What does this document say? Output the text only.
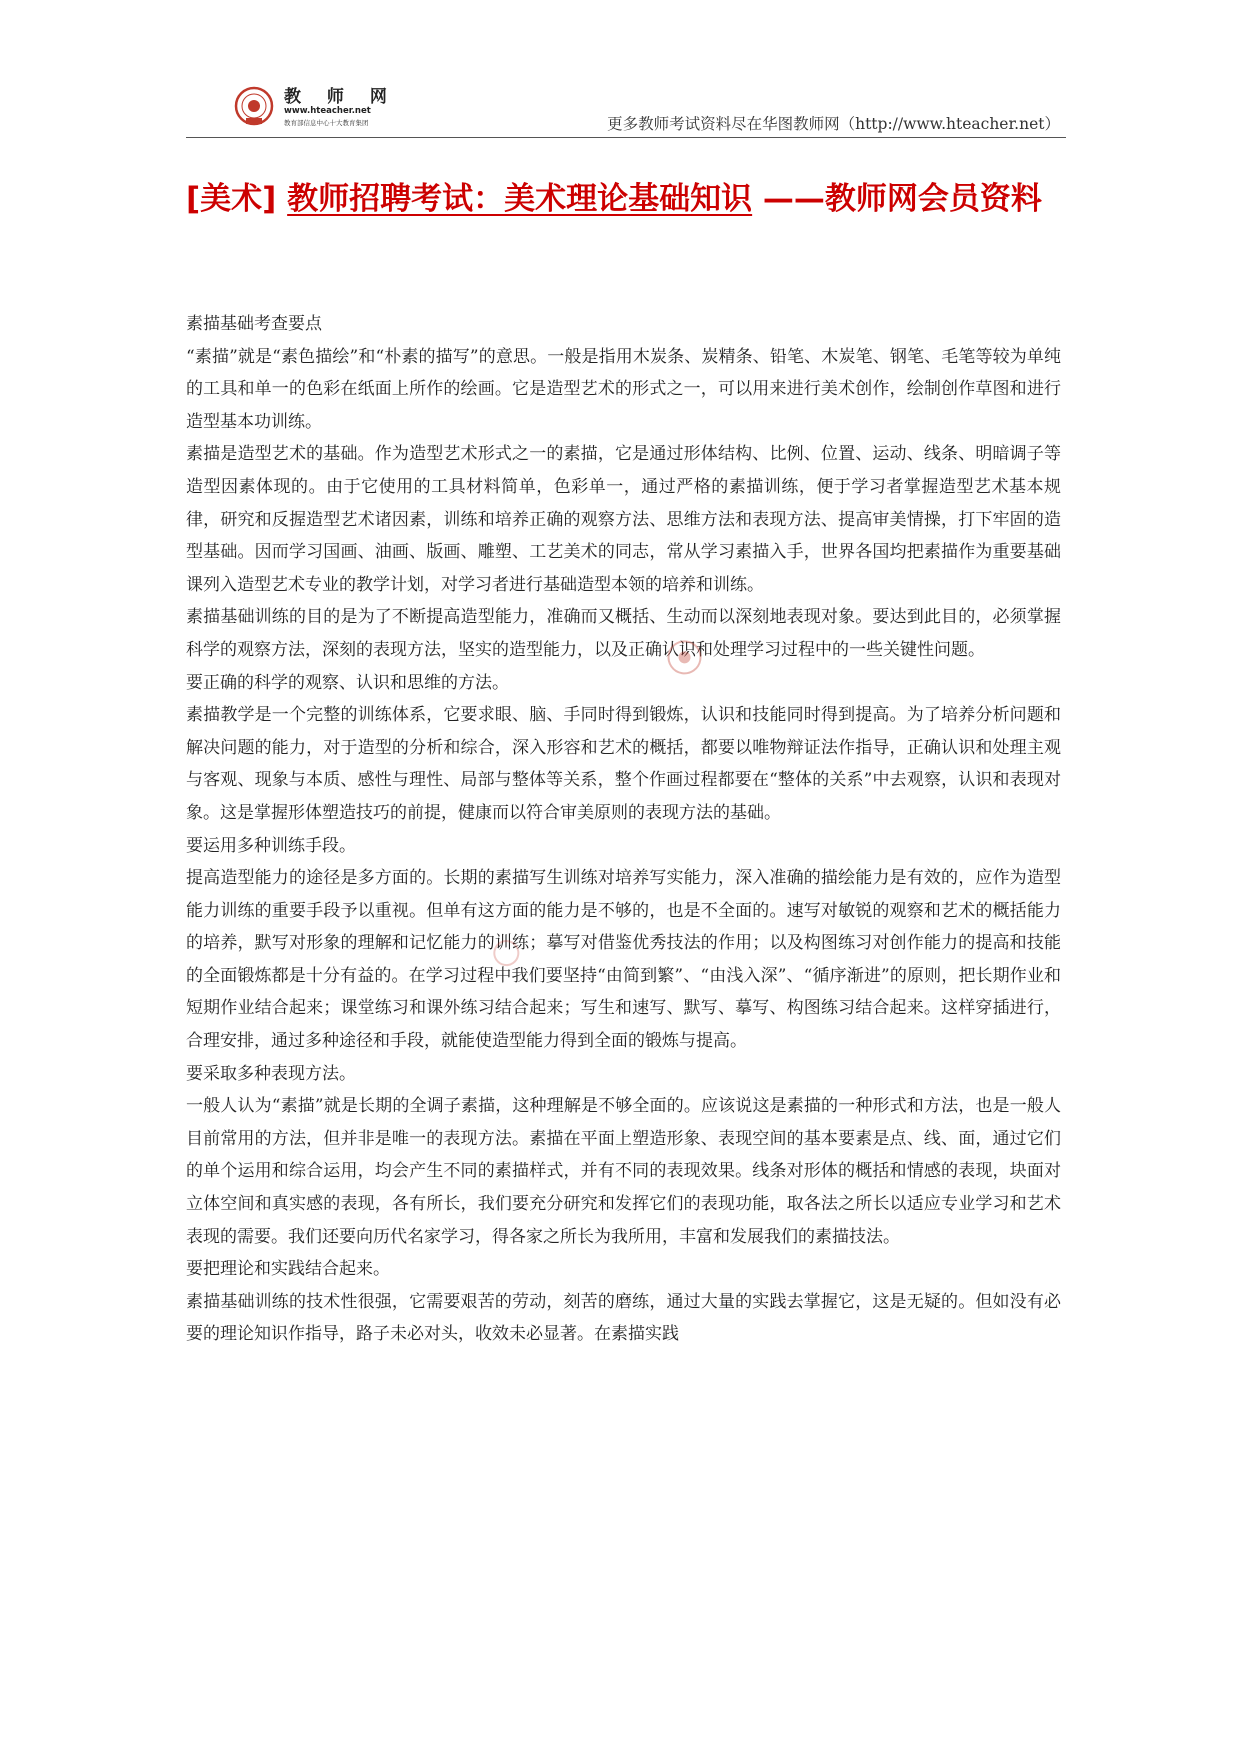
教 师 网
www.hteacher.net
教育部信息中心十大教育集团	更多教师考试资料尽在华图教师网（http://www.hteacher.net）
[美术] 教师招聘考试：美术理论基础知识 ——教师网会员资料

素描基础考查要点

“素描”就是“素色描绘”和“朴素的描写”的意思。一般是指用木炭条、炭精条、铅笔、木炭笔、钢笔、毛笔等较为单纯的工具和单一的色彩在纸面上所作的绘画。它是造型艺术的形式之一，可以用来进行美术创作，绘制创作草图和进行造型基本功训练。

素描是造型艺术的基础。作为造型艺术形式之一的素描，它是通过形体结构、比例、位置、运动、线条、明暗调子等造型因素体现的。由于它使用的工具材料简单，色彩单一，通过严格的素描训练，便于学习者掌握造型艺术基本规律，研究和反握造型艺术诸因素，训练和培养正确的观察方法、思维方法和表现方法、提高审美情操，打下牢固的造型基础。因而学习国画、油画、版画、雕塑、工艺美术的同志，常从学习素描入手，世界各国均把素描作为重要基础课列入造型艺术专业的教学计划，对学习者进行基础造型本领的培养和训练。

素描基础训练的目的是为了不断提高造型能力，准确而又概括、生动而以深刻地表现对象。要达到此目的，必须掌握科学的观察方法，深刻的表现方法，坚实的造型能力，以及正确认识和处理学习过程中的一些关键性问题。

要正确的科学的观察、认识和思维的方法。

素描教学是一个完整的训练体系，它要求眼、脑、手同时得到锻炼，认识和技能同时得到提高。为了培养分析问题和解决问题的能力，对于造型的分析和综合，深入形容和艺术的概括，都要以唯物辩证法作指导，正确认识和处理主观与客观、现象与本质、感性与理性、局部与整体等关系，整个作画过程都要在“整体的关系”中去观察，认识和表现对象。这是掌握形体塑造技巧的前提，健康而以符合审美原则的表现方法的基础。

要运用多种训练手段。

提高造型能力的途径是多方面的。长期的素描写生训练对培养写实能力，深入准确的描绘能力是有效的，应作为造型能力训练的重要手段予以重视。但单有这方面的能力是不够的，也是不全面的。速写对敏锐的观察和艺术的概括能力的培养，默写对形象的理解和记忆能力的训练；摹写对借鉴优秀技法的作用；以及构图练习对创作能力的提高和技能的全面锻炼都是十分有益的。在学习过程中我们要坚持“由简到繁”、“由浅入深”、“循序渐进”的原则，把长期作业和短期作业结合起来；课堂练习和课外练习结合起来；写生和速写、默写、摹写、构图练习结合起来。这样穿插进行，合理安排，通过多种途径和手段，就能使造型能力得到全面的锻炼与提高。

要采取多种表现方法。

一般人认为“素描”就是长期的全调子素描，这种理解是不够全面的。应该说这是素描的一种形式和方法，也是一般人目前常用的方法，但并非是唯一的表现方法。素描在平面上塑造形象、表现空间的基本要素是点、线、面，通过它们的单个运用和综合运用，均会产生不同的素描样式，并有不同的表现效果。线条对形体的概括和情感的表现，块面对立体空间和真实感的表现，各有所长，我们要充分研究和发挥它们的表现功能，取各法之所长以适应专业学习和艺术表现的需要。我们还要向历代名家学习，得各家之所长为我所用，丰富和发展我们的素描技法。

要把理论和实践结合起来。

素描基础训练的技术性很强，它需要艰苦的劳动，刻苦的磨练，通过大量的实践去掌握它，这是无疑的。但如没有必要的理论知识作指导，路子未必对头，收效未必显著。在素描实践
